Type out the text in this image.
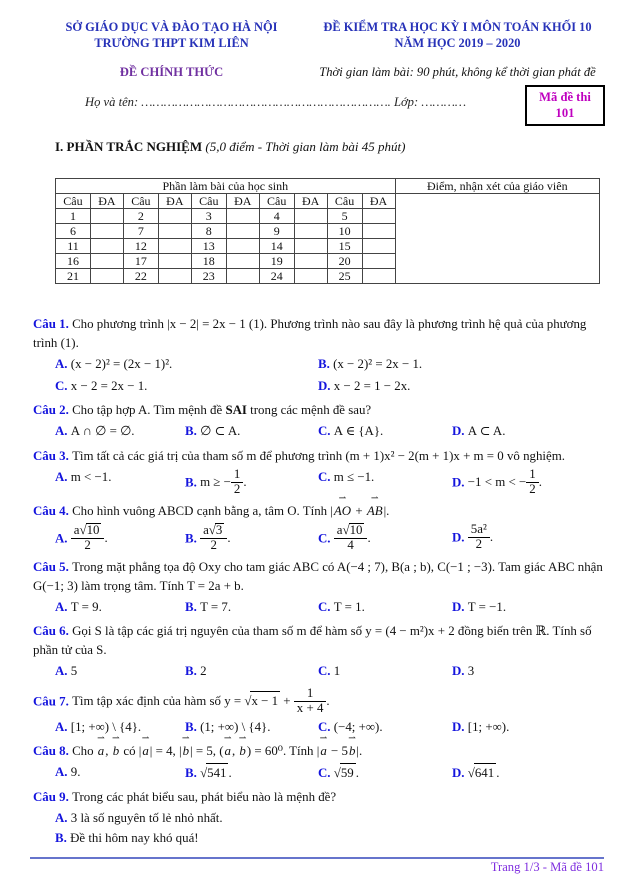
SỞ GIÁO DỤC VÀ ĐÀO TẠO HÀ NỘI
TRƯỜNG THPT KIM LIÊN
ĐỀ KIỂM TRA HỌC KỲ I MÔN TOÁN KHỐI 10
NĂM HỌC 2019 – 2020
ĐỀ CHÍNH THỨC	Thời gian làm bài: 90 phút, không kể thời gian phát đề
Mã đề thi
101
Họ và tên: …………………………………………………………. Lớp: …………
I. PHẦN TRẮC NGHIỆM (5,0 điểm - Thời gian làm bài 45 phút)
Phần làm bài của học sinh										Điểm, nhận xét của giáo viên
Câu	ĐA	Câu	ĐA	Câu	ĐA	Câu	ĐA	Câu	ĐA	
1		2		3		4		5		
6		7		8		9		10		
11		12		13		14		15		
16		17		18		19		20		
21		22		23		24		25		
Câu 1. Cho phương trình |x − 2| = 2x − 1 (1). Phương trình nào sau đây là phương trình hệ quả của phương trình (1).
A. (x − 2)² = (2x − 1)².	B. (x − 2)² = 2x − 1.
C. x − 2 = 2x − 1.	D. x − 2 = 1 − 2x.
Câu 2. Cho tập hợp A. Tìm mệnh đề SAI trong các mệnh đề sau?
A. A ∩ ∅ = ∅.	B. ∅ ⊂ A.	C. A ∈ {A}.	D. A ⊂ A.
Câu 3. Tìm tất cả các giá trị của tham số m để phương trình (m + 1)x² − 2(m + 1)x + m = 0 vô nghiệm.
A. m < −1.	B. m ≥ − $\frac{1}{2}$ .	C. m ≤ −1.	D. −1 < m < − $\frac{1}{2}$ .
Câu 4. Cho hình vuông ABCD cạnh bằng a, tâm O. Tính |⇀ AO + ⇀ AB|.
A. $\frac{a√10}{2}$ .	B. $\frac{a√3}{2}$ .	C. $\frac{a√10}{4}$ .	D. $\frac{\text{5a²}}{2}$ .
Câu 5. Trong mặt phẳng tọa độ Oxy cho tam giác ABC có A(−4 ; 7), B(a ; b), C(−1 ; −3). Tam giác ABC nhận G(−1; 3) làm trọng tâm. Tính T = 2a + b.
A. T = 9.	B. T = 7.	C. T = 1.	D. T = −1.
Câu 6. Gọi S là tập các giá trị nguyên của tham số m để hàm số y = (4 − m²)x + 2 đồng biến trên ℝ. Tính số phần tử của S.
A. 5	B. 2	C. 1	D. 3
Câu 7. Tìm tập xác định của hàm số $y = √x - 1 + \frac{1}{x + 4}$ .
A. [1; +∞) \ {4}.	B. (1; +∞) \ {4}.	C. (−4; +∞).	D. [1; +∞).
Câu 8. Cho ⇀ a, ⇀ b có |⇀ a| = 4, |⇀ b| = 5, (⇀ a, ⇀ b) = 60⁰. Tính |⇀ a − 5⇀ b|.
A. 9.	B. √541 .	C. √59 .	D. √641 .
Câu 9. Trong các phát biểu sau, phát biểu nào là mệnh đề?
A. 3 là số nguyên tố lẻ nhỏ nhất.
B. Đề thi hôm nay khó quá!
Trang 1/3 - Mã đề 101
